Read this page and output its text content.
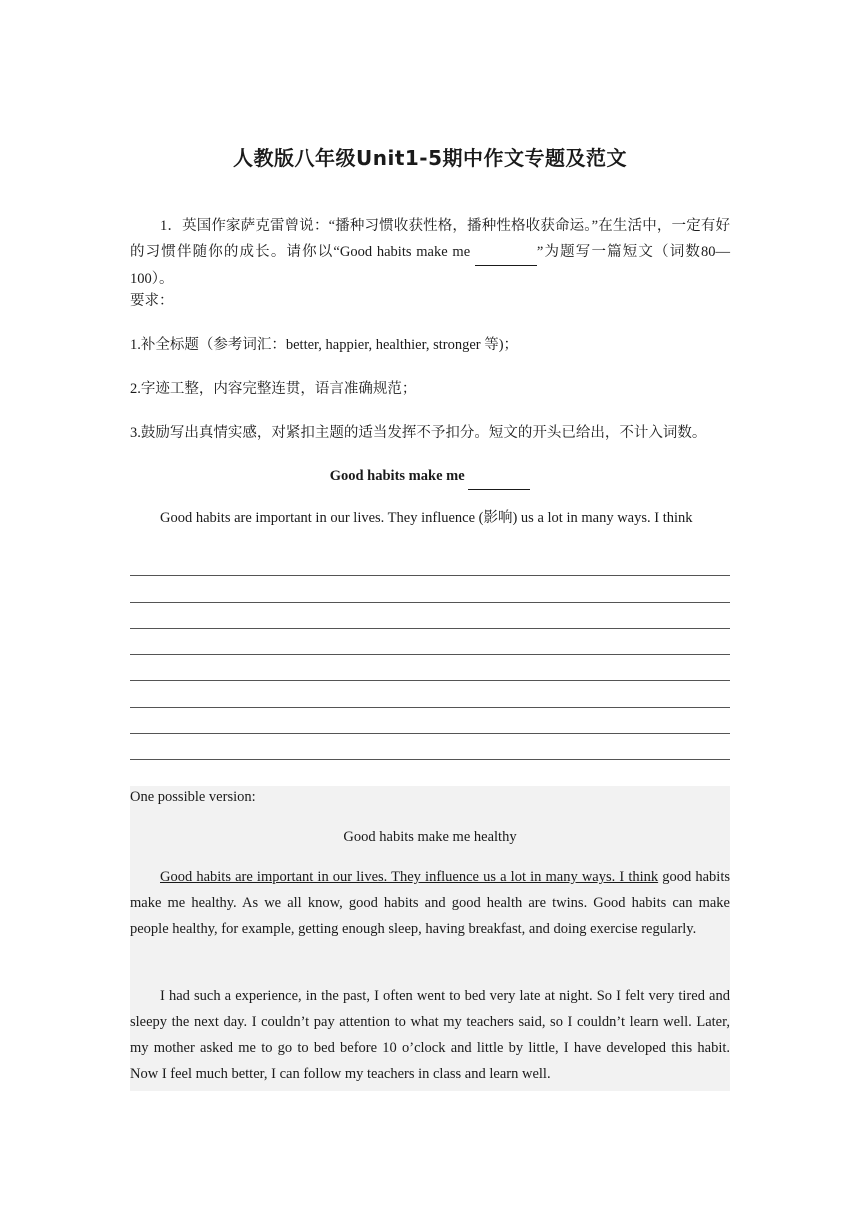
人教版八年级Unit1-5期中作文专题及范文

1．英国作家萨克雷曾说：“播种习惯收获性格，播种性格收获命运。”在生活中，一定有好的习惯伴随你的成长。请你以“Good habits make me	”为题写一篇短文（词数80—100）。

要求：

1.补全标题（参考词汇：better, happier, healthier, stronger 等)；

2.字迹工整，内容完整连贯，语言准确规范；

3.鼓励写出真情实感，对紧扣主题的适当发挥不予扣分。短文的开头已给出，不计入词数。

Good habits make me

Good habits are important in our lives. They influence (影响) us a lot in many ways. I think

One possible version:

Good habits make me healthy

Good habits are important in our lives. They influence us a lot in many ways. I think good habits make me healthy. As we all know, good habits and good health are twins. Good habits can make people healthy, for example, getting enough sleep, having breakfast, and doing exercise regularly.

I had such a experience, in the past, I often went to bed very late at night. So I felt very tired and sleepy the next day. I couldn’t pay attention to what my teachers said, so I couldn’t learn well. Later, my mother asked me to go to bed before 10 o’clock and little by little, I have developed this habit. Now I feel much better, I can follow my teachers in class and learn well.
